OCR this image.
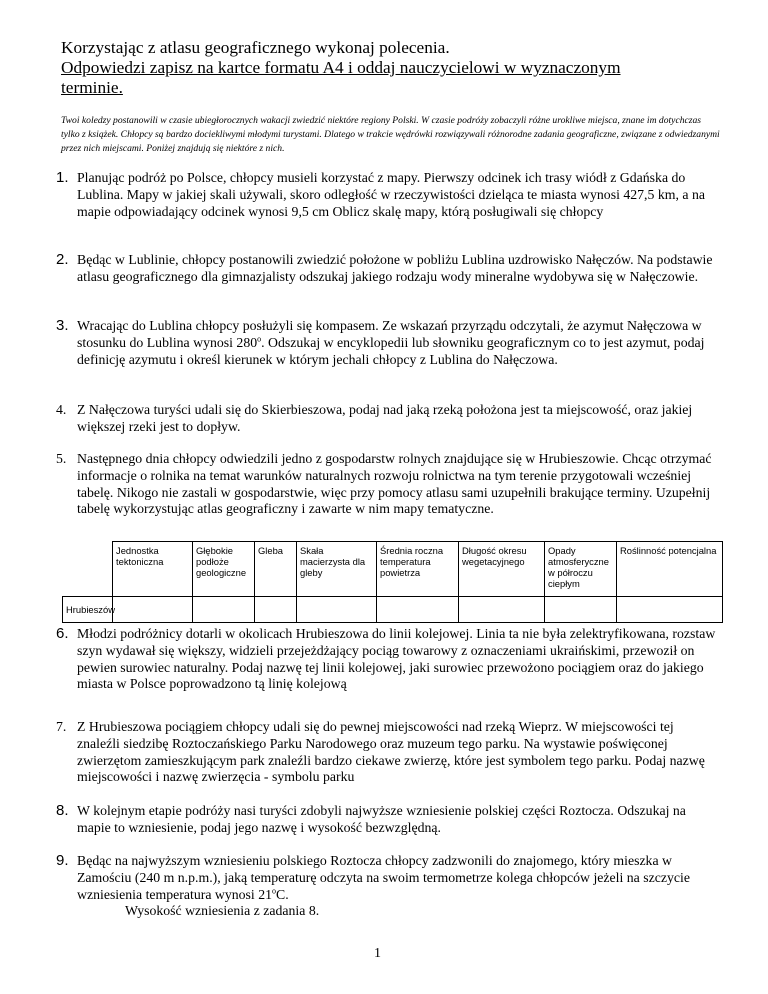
Korzystając z atlasu geograficznego wykonaj polecenia.
Odpowiedzi zapisz na kartce formatu A4 i oddaj nauczycielowi w wyznaczonym
terminie.
Twoi koledzy postanowili w czasie ubiegłorocznych wakacji zwiedzić niektóre regiony Polski. W czasie podróży zobaczyli różne urokliwe miejsca, znane im dotychczas tylko z książek. Chłopcy są bardzo dociekliwymi młodymi turystami. Dlatego w trakcie wędrówki rozwiązywali różnorodne zadania geograficzne, związane z odwiedzanymi przez nich miejscami. Poniżej znajdują się niektóre z nich.
1. Planując podróż po Polsce, chłopcy musieli korzystać z mapy. Pierwszy odcinek ich trasy wiódł z Gdańska do Lublina. Mapy w jakiej skali używali, skoro odległość w rzeczywistości dzieląca te miasta wynosi 427,5 km, a na mapie odpowiadający odcinek wynosi 9,5 cm Oblicz skalę mapy, którą posługiwali się chłopcy
2. Będąc w Lublinie, chłopcy postanowili zwiedzić położone w pobliżu Lublina uzdrowisko Nałęczów. Na podstawie atlasu geograficznego dla gimnazjalisty odszukaj jakiego rodzaju wody mineralne wydobywa się w Nałęczowie.
3. Wracając do Lublina chłopcy posłużyli się kompasem. Ze wskazań przyrządu odczytali, że azymut Nałęczowa w stosunku do Lublina wynosi 280$^o$. Odszukaj w encyklopedii lub słowniku geograficznym co to jest azymut, podaj definicję azymutu i określ kierunek w którym jechali chłopcy z Lublina do Nałęczowa.
4. Z Nałęczowa turyści udali się do Skierbieszowa, podaj nad jaką rzeką położona jest ta miejscowość, oraz jakiej większej rzeki jest to dopływ.
5. Następnego dnia chłopcy odwiedzili jedno z gospodarstw rolnych znajdujące się w Hrubieszowie. Chcąc otrzymać informacje o rolnika na temat warunków naturalnych rozwoju rolnictwa na tym terenie przygotowali wcześniej tabelę. Nikogo nie zastali w gospodarstwie, więc przy pomocy atlasu sami uzupełnili brakujące terminy. Uzupełnij tabelę wykorzystując atlas geograficzny i zawarte w nim mapy tematyczne.
	Jednostka tektoniczna	Głębokie podłoże geologiczne	Gleba	Skała macierzysta dla gleby	Średnia roczna temperatura powietrza	Długość okresu wegetacyjnego	Opady atmosferyczne w półroczu ciepłym	Roślinność potencjalna
Hrubieszów								
6. Młodzi podróżnicy dotarli w okolicach Hrubieszowa do linii kolejowej. Linia ta nie była zelektryfikowana, rozstaw szyn wydawał się większy, widzieli przejeżdżający pociąg towarowy z oznaczeniami ukraińskimi, przewoził on pewien surowiec naturalny. Podaj nazwę tej linii kolejowej, jaki surowiec przewożono pociągiem oraz do jakiego miasta w Polsce poprowadzono tą linię kolejową
7. Z Hrubieszowa pociągiem chłopcy udali się do pewnej miejscowości nad rzeką Wieprz. W miejscowości tej znaleźli siedzibę Roztoczańskiego Parku Narodowego oraz muzeum tego parku. Na wystawie poświęconej zwierzętom zamieszkującym park znaleźli bardzo ciekawe zwierzę, które jest symbolem tego parku. Podaj nazwę miejscowości i nazwę zwierzęcia - symbolu parku
8. W kolejnym etapie podróży nasi turyści zdobyli najwyższe wzniesienie polskiej części Roztocza. Odszukaj na mapie to wzniesienie, podaj jego nazwę i wysokość bezwzględną.
9. Będąc na najwyższym wzniesieniu polskiego Roztocza chłopcy zadzwonili do znajomego, który mieszka w Zamościu (240 m n.p.m.), jaką temperaturę odczyta na swoim termometrze kolega chłopców jeżeli na szczycie wzniesienia temperatura wynosi 21$^o$C.
Wysokość wzniesienia z zadania 8.
1
